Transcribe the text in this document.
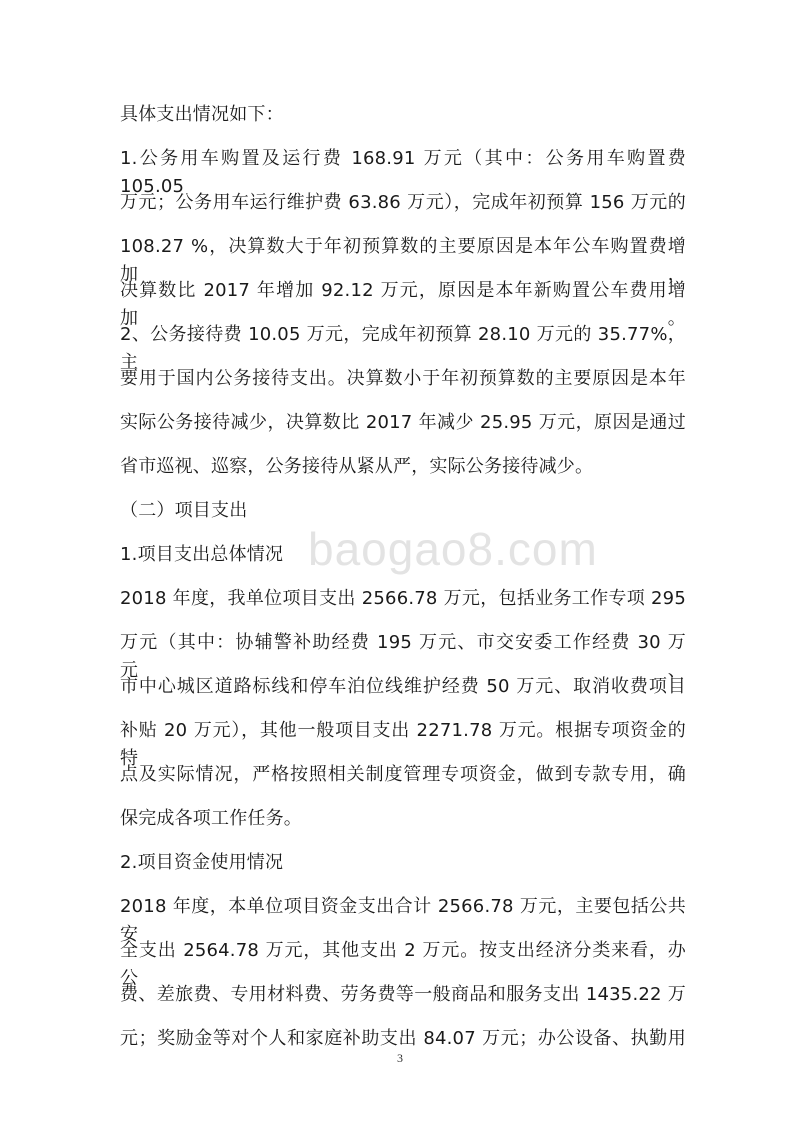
具体支出情况如下：
1.公务用车购置及运行费 168.91 万元（其中：公务用车购置费 105.05
万元；公务用车运行维护费 63.86 万元），完成年初预算 156 万元的
108.27 %，决算数大于年初预算数的主要原因是本年公车购置费增加，
决算数比 2017 年增加 92.12 万元，原因是本年新购置公车费用增加。
2、公务接待费 10.05 万元，完成年初预算 28.10 万元的 35.77%，主
要用于国内公务接待支出。决算数小于年初预算数的主要原因是本年
实际公务接待减少，决算数比 2017 年减少 25.95 万元，原因是通过
省市巡视、巡察，公务接待从紧从严，实际公务接待减少。
（二）项目支出
1.项目支出总体情况
2018 年度，我单位项目支出 2566.78 万元，包括业务工作专项 295
万元（其中：协辅警补助经费 195 万元、市交安委工作经费 30 万元、
市中心城区道路标线和停车泊位线维护经费 50 万元、取消收费项目
补贴 20 万元），其他一般项目支出 2271.78 万元。根据专项资金的特
点及实际情况，严格按照相关制度管理专项资金，做到专款专用，确
保完成各项工作任务。
2.项目资金使用情况
2018 年度，本单位项目资金支出合计 2566.78 万元，主要包括公共安
全支出 2564.78 万元，其他支出 2 万元。按支出经济分类来看，办公
费、差旅费、专用材料费、劳务费等一般商品和服务支出 1435.22 万
元；奖励金等对个人和家庭补助支出 84.07 万元；办公设备、执勤用
baogao8.com
3
